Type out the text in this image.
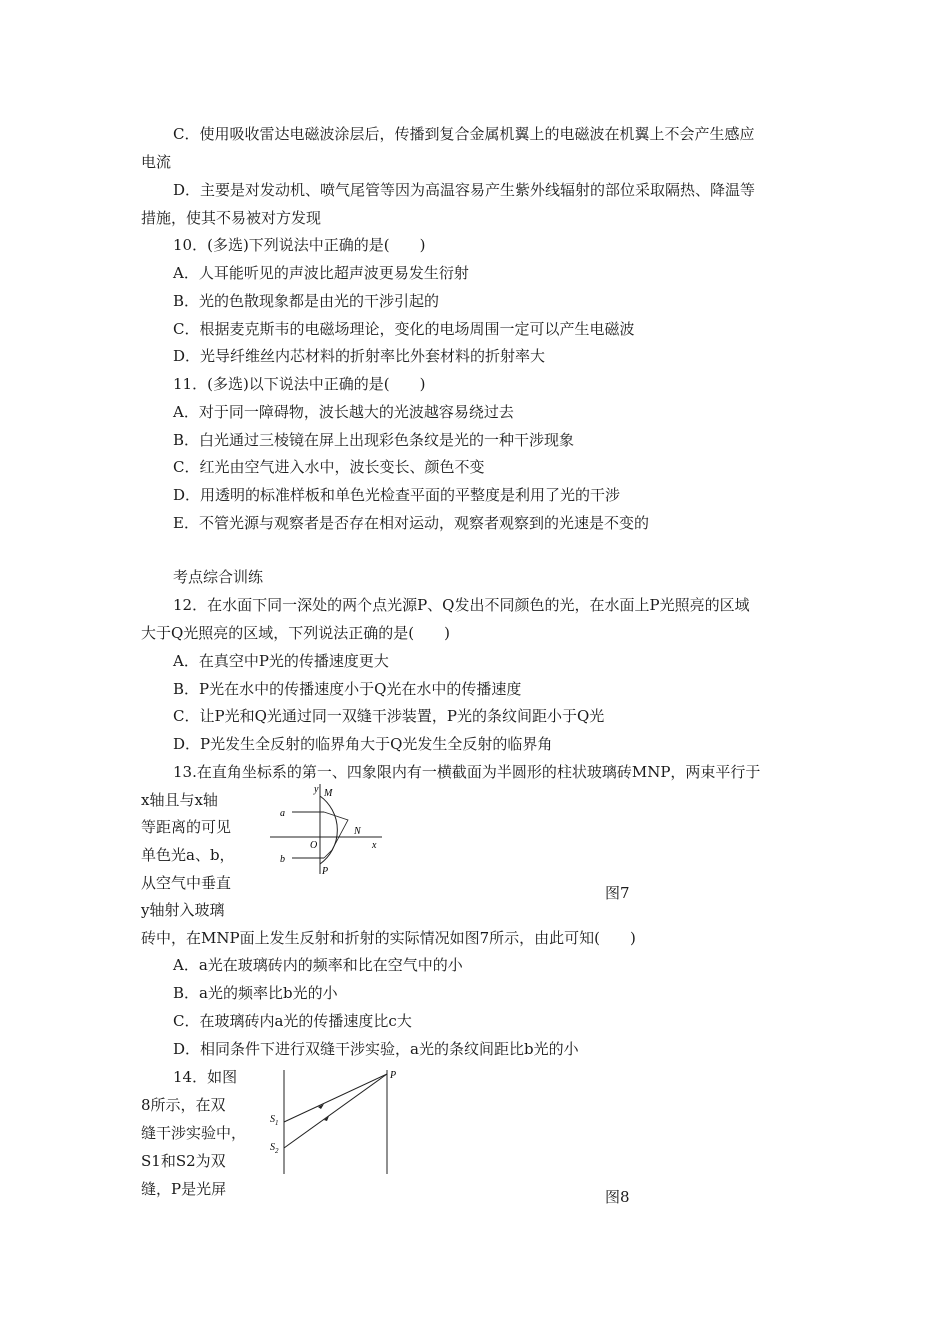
C．使用吸收雷达电磁波涂层后，传播到复合金属机翼上的电磁波在机翼上不会产生感应
电流
D．主要是对发动机、喷气尾管等因为高温容易产生紫外线辐射的部位采取隔热、降温等
措施，使其不易被对方发现
10．(多选)下列说法中正确的是(　　)
A．人耳能听见的声波比超声波更易发生衍射
B．光的色散现象都是由光的干涉引起的
C．根据麦克斯韦的电磁场理论，变化的电场周围一定可以产生电磁波
D．光导纤维丝内芯材料的折射率比外套材料的折射率大
11．(多选)以下说法中正确的是(　　)
A．对于同一障碍物，波长越大的光波越容易绕过去
B．白光通过三棱镜在屏上出现彩色条纹是光的一种干涉现象
C．红光由空气进入水中，波长变长、颜色不变
D．用透明的标准样板和单色光检查平面的平整度是利用了光的干涉
E．不管光源与观察者是否存在相对运动，观察者观察到的光速是不变的
考点综合训练
12．在水面下同一深处的两个点光源P、Q发出不同颜色的光，在水面上P光照亮的区域
大于Q光照亮的区域，下列说法正确的是(　　)
A．在真空中P光的传播速度更大
B．P光在水中的传播速度小于Q光在水中的传播速度
C．让P光和Q光通过同一双缝干涉装置，P光的条纹间距小于Q光
D．P光发生全反射的临界角大于Q光发生全反射的临界角
13.在直角坐标系的第一、四象限内有一横截面为半圆形的柱状玻璃砖MNP，两束平行于
x轴且与x轴
等距离的可见
单色光a、b，
从空气中垂直
y轴射入玻璃
砖中，在MNP面上发生反射和折射的实际情况如图7所示，由此可知(　　)
A．a光在玻璃砖内的频率和比在空气中的小
B．a光的频率比b光的小
C．在玻璃砖内a光的传播速度比c大
D．相同条件下进行双缝干涉实验，a光的条纹间距比b光的小
14．如图
8所示，在双
缝干涉实验中，
S1和S2为双
缝，P是光屏
y M
a
N
x
O
b
P
图7
P
$S_1$
$S_2$
图8
